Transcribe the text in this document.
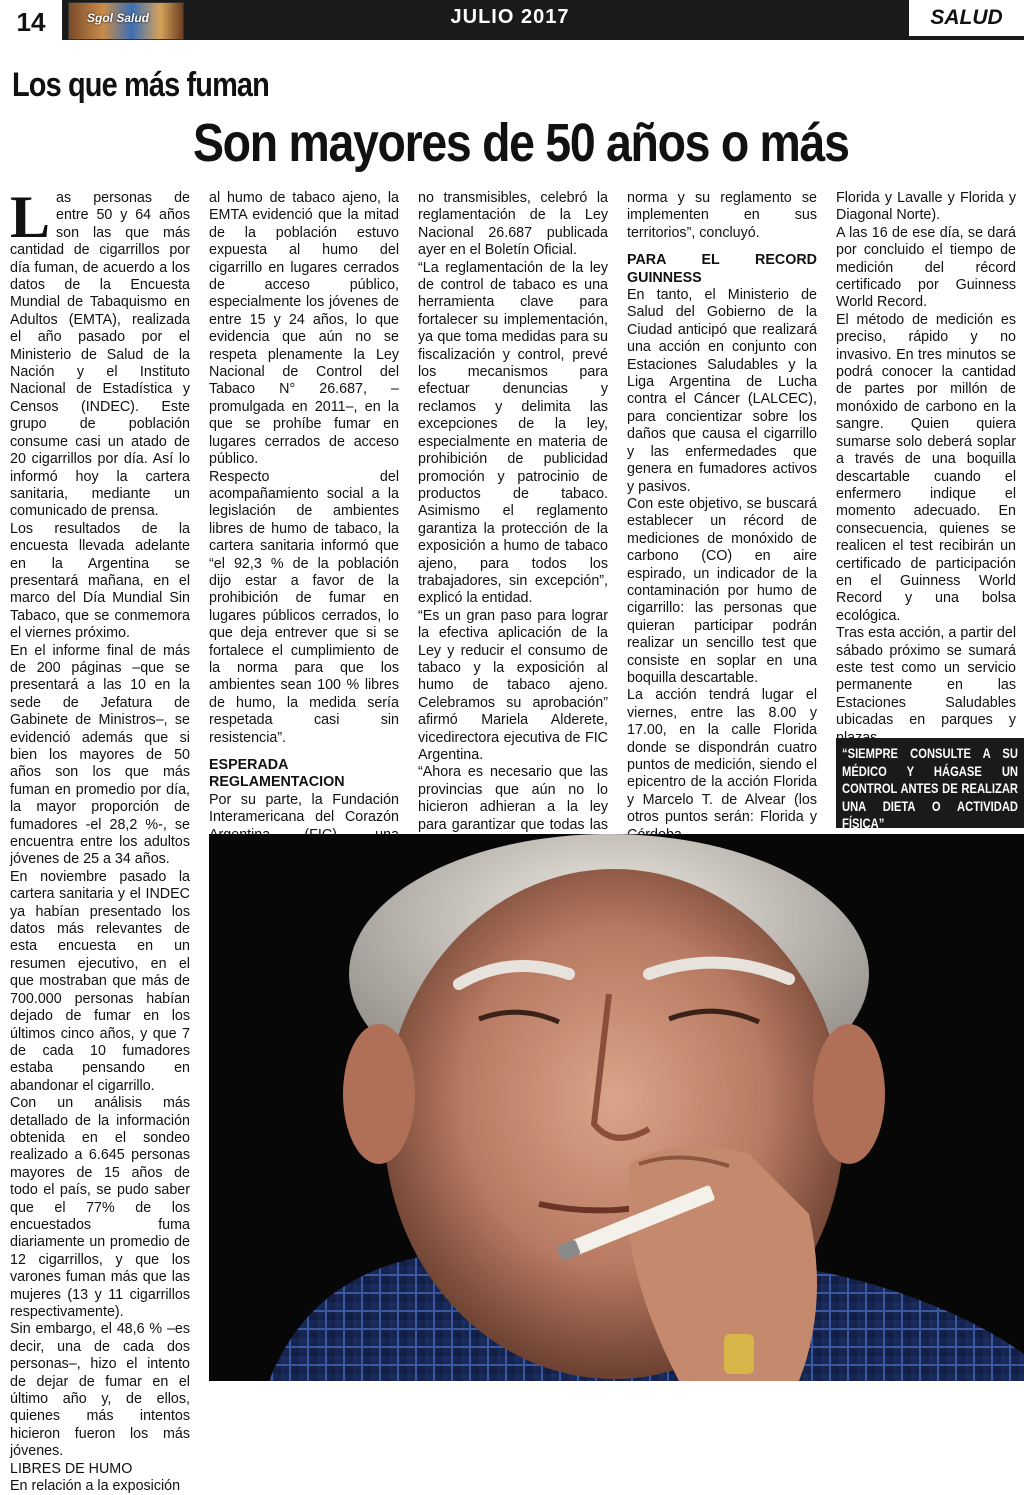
14	Sgol Salud	JULIO 2017	SALUD
Los que más fuman
Son mayores de 50 años o más
L as personas de entre 50 y 64 años son las que más cantidad de cigarrillos por día fuman, de acuerdo a los datos de la Encuesta Mundial de Tabaquismo en Adultos (EMTA), realizada el año pasado por el Ministerio de Salud de la Nación y el Instituto Nacional de Estadística y Censos (INDEC). Este grupo de población consume casi un atado de 20 cigarrillos por día. Así lo informó hoy la cartera sanitaria, mediante un comunicado de prensa.

Los resultados de la encuesta llevada adelante en la Argentina se presentará mañana, en el marco del Día Mundial Sin Tabaco, que se conmemora el viernes próximo.

En el informe final de más de 200 páginas –que se presentará a las 10 en la sede de Jefatura de Gabinete de Ministros–, se evidenció además que si bien los mayores de 50 años son los que más fuman en promedio por día, la mayor proporción de fumadores -el 28,2 %-, se encuentra entre los adultos jóvenes de 25 a 34 años.

En noviembre pasado la cartera sanitaria y el INDEC ya habían presentado los datos más relevantes de esta encuesta en un resumen ejecutivo, en el que mostraban que más de 700.000 personas habían dejado de fumar en los últimos cinco años, y que 7 de cada 10 fumadores estaba pensando en abandonar el cigarrillo.

Con un análisis más detallado de la información obtenida en el sondeo realizado a 6.645 personas mayores de 15 años de todo el país, se pudo saber que el 77% de los encuestados fuma diariamente un promedio de 12 cigarrillos, y que los varones fuman más que las mujeres (13 y 11 cigarrillos respectivamente).

Sin embargo, el 48,6 % –es decir, una de cada dos personas–, hizo el intento de dejar de fumar en el último año y, de ellos, quienes más intentos hicieron fueron los más jóvenes.

LIBRES DE HUMO

En relación a la exposición

al humo de tabaco ajeno, la EMTA evidenció que la mitad de la población estuvo expuesta al humo del cigarrillo en lugares cerrados de acceso público, especialmente los jóvenes de entre 15 y 24 años, lo que evidencia que aún no se respeta plenamente la Ley Nacional de Control del Tabaco N° 26.687, –promulgada en 2011–, en la que se prohíbe fumar en lugares cerrados de acceso público.

Respecto del acompañamiento social a la legislación de ambientes libres de humo de tabaco, la cartera sanitaria informó que “el 92,3 % de la población dijo estar a favor de la prohibición de fumar en lugares públicos cerrados, lo que deja entrever que si se fortalece el cumplimiento de la norma para que los ambientes sean 100 % libres de humo, la medida sería respetada casi sin resistencia”.

ESPERADA REGLAMENTACION

Por su parte, la Fundación Interamericana del Corazón

no transmisibles, celebró la reglamentación de la Ley Nacional 26.687 publicada ayer en el Boletín Oficial.

“La reglamentación de la ley de control de tabaco es una herramienta clave para fortalecer su implementación, ya que toma medidas para su fiscalización y control, prevé los mecanismos para efectuar denuncias y reclamos y delimita las excepciones de la ley, especialmente en materia de prohibición de publicidad promoción y patrocinio de productos de tabaco. Asimismo el reglamento garantiza la protección de la exposición a humo de tabaco ajeno, para todos los trabajadores, sin excepción”, explicó la entidad.

“Es un gran paso para lograr la efectiva aplicación de la Ley y reducir el consumo de tabaco y la exposición al humo de tabaco ajeno. Celebramos su aprobación” afirmó Mariela Alderete, vicedirectora ejecutiva de FIC Argentina.

“Ahora es necesario que las provincias que aún no lo hicieron adhieran a la ley para garantizar que todas las

norma y su reglamento se implementen en sus territorios”, concluyó.

PARA EL RECORD GUINNESS

En tanto, el Ministerio de Salud del Gobierno de la Ciudad anticipó que realizará una acción en conjunto con Estaciones Saludables y la Liga Argentina de Lucha contra el Cáncer (LALCEC), para concientizar sobre los daños que causa el cigarrillo y las enfermedades que genera en fumadores activos y pasivos.

Con este objetivo, se buscará establecer un récord de mediciones de monóxido de carbono (CO) en aire espirado, un indicador de la contaminación por humo de cigarrillo: las personas que quieran participar podrán realizar un sencillo test que consiste en soplar en una boquilla descartable.

La acción tendrá lugar el viernes, entre las 8.00 y 17.00, en la calle Florida donde se dispondrán cuatro puntos de medición, siendo el epicentro de la acción Florida y Marcelo T. de Alvear (los otros puntos serán: Florida y

Florida y Lavalle y Florida y Diagonal Norte).

A las 16 de ese día, se dará por concluido el tiempo de medición del récord certificado por Guinness World Record.

El método de medición es preciso, rápido y no invasivo. En tres minutos se podrá conocer la cantidad de partes por millón de monóxido de carbono en la sangre. Quien quiera sumarse solo deberá soplar a través de una boquilla descartable cuando el enfermero indique el momento adecuado. En consecuencia, quienes se realicen el test recibirán un certificado de participación en el Guinness World Record y una bolsa ecológica.

Tras esta acción, a partir del sábado próximo se sumará este test como un servicio permanente en las Estaciones Saludables ubicadas en parques y

“SIEMPRE CONSULTE A SU MÉDICO Y HÁGASE UN CONTROL ANTES DE REALIZAR UNA DIETA O ACTIVIDAD FÍSICA”
